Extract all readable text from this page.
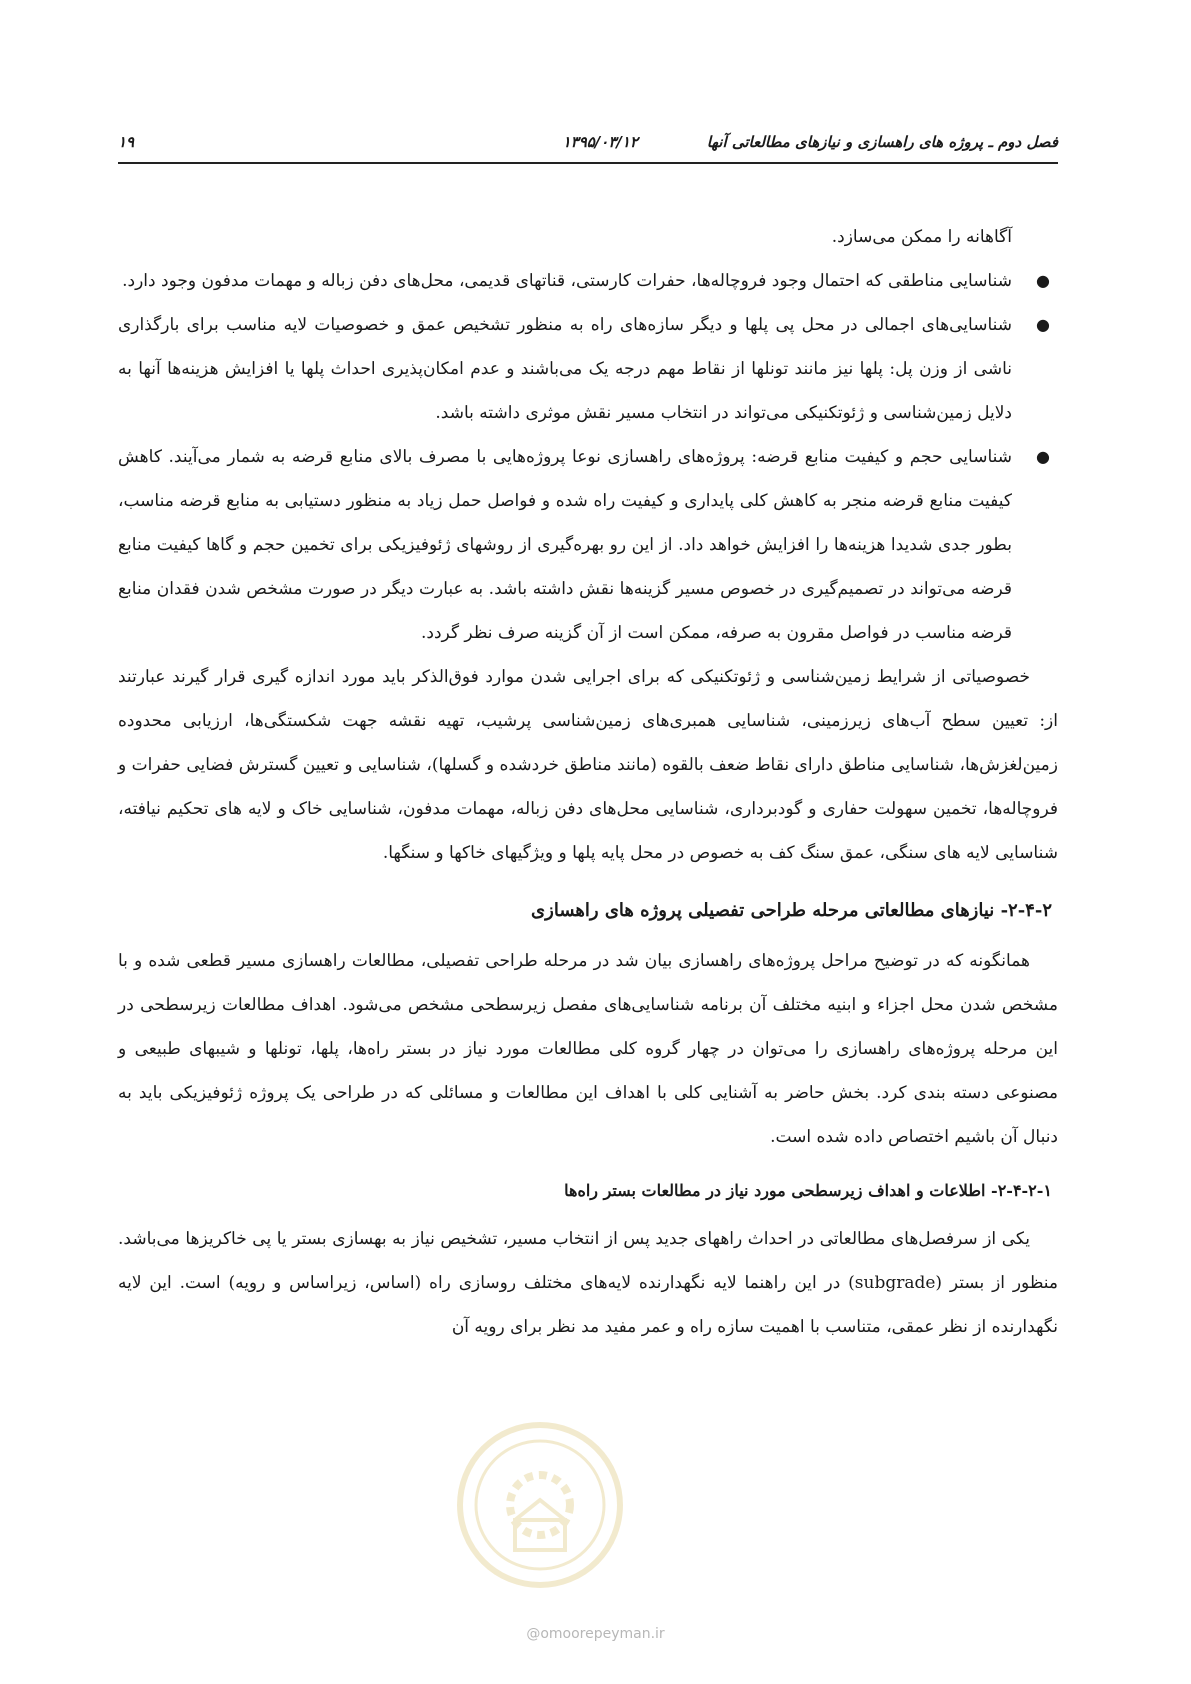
فصل دوم ـ پروژه های راهسازی و نیازهای مطالعاتی آنها
۱۳۹۵/۰۳/۱۲
۱۹

آگاهانه را ممکن می‌سازد.

●
شناسایی مناطقی که احتمال وجود فروچاله‌ها، حفرات کارستی، قناتهای قدیمی، محل‌های دفن زباله و مهمات مدفون وجود دارد.
●
شناسایی‌های اجمالی در محل پی پلها و دیگر سازه‌های راه به منظور تشخیص عمق و خصوصیات لایه مناسب برای بارگذاری ناشی از وزن پل: پلها نیز مانند تونلها از نقاط مهم درجه یک می‌باشند و عدم امکان‌پذیری احداث پلها یا افزایش هزینه‌ها آنها به دلایل زمین‌شناسی و ژئوتکنیکی می‌تواند در انتخاب مسیر نقش موثری داشته باشد.
●
شناسایی حجم و کیفیت منابع قرضه: پروژه‌های راهسازی نوعا پروژه‌هایی با مصرف بالای منابع قرضه به شمار می‌آیند. کاهش کیفیت منابع قرضه منجر به کاهش کلی پایداری و کیفیت راه شده و فواصل حمل زیاد به منظور دستیابی به منابع قرضه مناسب، بطور جدی شدیدا هزینه‌ها را افزایش خواهد داد. از این رو بهره‌گیری از روشهای ژئوفیزیکی برای تخمین حجم و گاها کیفیت منابع قرضه می‌تواند در تصمیم‌گیری در خصوص مسیر گزینه‌ها نقش داشته باشد. به عبارت دیگر در صورت مشخص شدن فقدان منابع قرضه مناسب در فواصل مقرون به صرفه، ممکن است از آن گزینه صرف نظر گردد.

خصوصیاتی از شرایط زمین‌شناسی و ژئوتکنیکی که برای اجرایی شدن موارد فوق‌الذکر باید مورد اندازه گیری قرار گیرند عبارتند از: تعیین سطح آب‌های زیرزمینی، شناسایی همبری‌های زمین‌شناسی پرشیب، تهیه نقشه جهت شکستگی‌ها، ارزیابی محدوده زمین‌لغزش‌ها، شناسایی مناطق دارای نقاط ضعف بالقوه (مانند مناطق خردشده و گسلها)، شناسایی و تعیین گسترش فضایی حفرات و فروچاله‌ها، تخمین سهولت حفاری و گودبرداری، شناسایی محل‌های دفن زباله، مهمات مدفون، شناسایی خاک و لایه های تحکیم نیافته، شناسایی لایه های سنگی، عمق سنگ کف به خصوص در محل پایه پلها و ویژگیهای خاکها و سنگها.

۲-۴-۲- نیازهای مطالعاتی مرحله طراحی تفصیلی پروژه های راهسازی

همانگونه که در توضیح مراحل پروژه‌های راهسازی بیان شد در مرحله طراحی تفصیلی، مطالعات راهسازی مسیر قطعی شده و با مشخص شدن محل اجزاء و ابنیه مختلف آن برنامه شناسایی‌های مفصل زیرسطحی مشخص می‌شود. اهداف مطالعات زیرسطحی در این مرحله پروژه‌های راهسازی را می‌توان در چهار گروه کلی مطالعات مورد نیاز در بستر راه‌ها، پلها، تونلها و شیبهای طبیعی و مصنوعی دسته بندی کرد. بخش حاضر به آشنایی کلی با اهداف این مطالعات و مسائلی که در طراحی یک پروژه ژئوفیزیکی باید به دنبال آن باشیم اختصاص داده شده است.

۲-۴-۲-۱- اطلاعات و اهداف زیرسطحی مورد نیاز در مطالعات بستر راه‌ها

یکی از سرفصل‌های مطالعاتی در احداث راههای جدید پس از انتخاب مسیر، تشخیص نیاز به بهسازی بستر یا پی خاکریزها می‌باشد. منظور از بستر (subgrade) در این راهنما لایه نگهدارنده لایه‌های مختلف روسازی راه (اساس، زیراساس و رویه) است. این لایه نگهدارنده از نظر عمقی، متناسب با اهمیت سازه راه و عمر مفید مد نظر برای رویه آن

@omoorepeyman.ir
